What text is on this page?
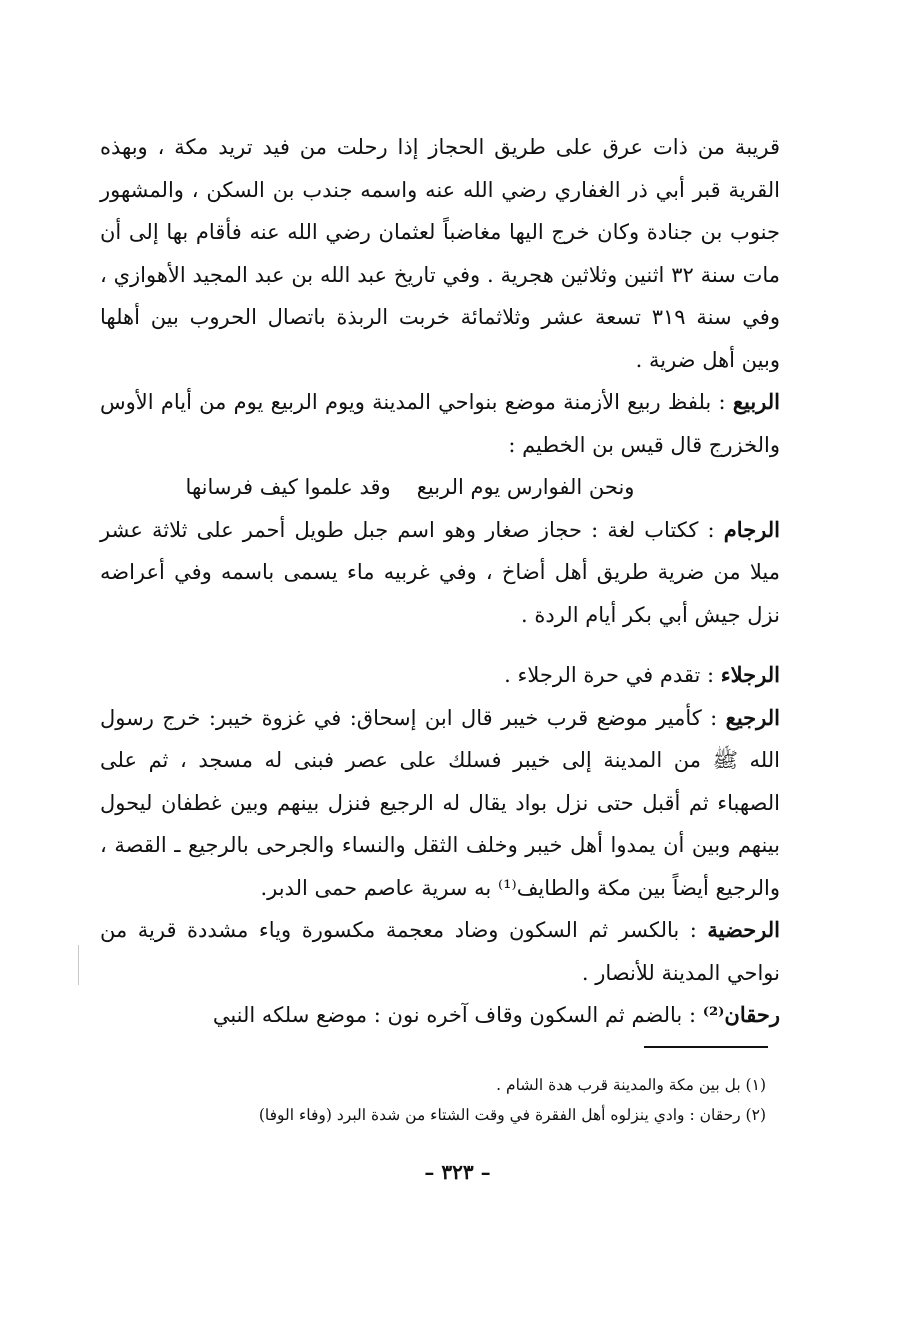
قريبة من ذات عرق على طريق الحجاز إذا رحلت من فيد تريد مكة ، وبهذه القرية قبر أبي ذر الغفاري رضي الله عنه واسمه جندب بن السكن ، والمشهور جنوب بن جنادة وكان خرج اليها مغاضباً لعثمان رضي الله عنه فأقام بها إلى أن مات سنة ٣٢ اثنين وثلاثين هجرية . وفي تاريخ عبد الله بن عبد المجيد الأهوازي ، وفي سنة ٣١٩ تسعة عشر وثلاثمائة خربت الربذة باتصال الحروب بين أهلها وبين أهل ضرية .

الربيع : بلفظ ربيع الأزمنة موضع بنواحي المدينة ويوم الربيع يوم من أيام الأوس والخزرج قال قيس بن الخطيم :

ونحن الفوارس يوم الربيع
وقد علموا كيف فرسانها

الرجام : ككتاب لغة : حجاز صغار وهو اسم جبل طويل أحمر على ثلاثة عشر ميلا من ضرية طريق أهل أضاخ ، وفي غربيه ماء يسمى باسمه وفي أعراضه نزل جيش أبي بكر أيام الردة .

الرجلاء : تقدم في حرة الرجلاء .

الرجيع : كأمير موضع قرب خيبر قال ابن إسحاق: في غزوة خيبر: خرج رسول الله ﷺ من المدينة إلى خيبر فسلك على عصر فبنى له مسجد ، ثم على الصهباء ثم أقبل حتى نزل بواد يقال له الرجيع فنزل بينهم وبين غطفان ليحول بينهم وبين أن يمدوا أهل خيبر وخلف الثقل والنساء والجرحى بالرجيع ـ القصة ، والرجيع أيضاً بين مكة والطايف⁽¹⁾ به سرية عاصم حمى الدبر.

الرحضية : بالكسر ثم السكون وضاد معجمة مكسورة وياء مشددة قرية من نواحي المدينة للأنصار .

رحقان⁽²⁾ : بالضم ثم السكون وقاف آخره نون : موضع سلكه النبي

(١) بل بين مكة والمدينة قرب هدة الشام .

(٢) رحقان : وادي ينزلوه أهل الفقرة في وقت الشتاء من شدة البرد (وفاء الوفا)

– ٣٢٣ –
